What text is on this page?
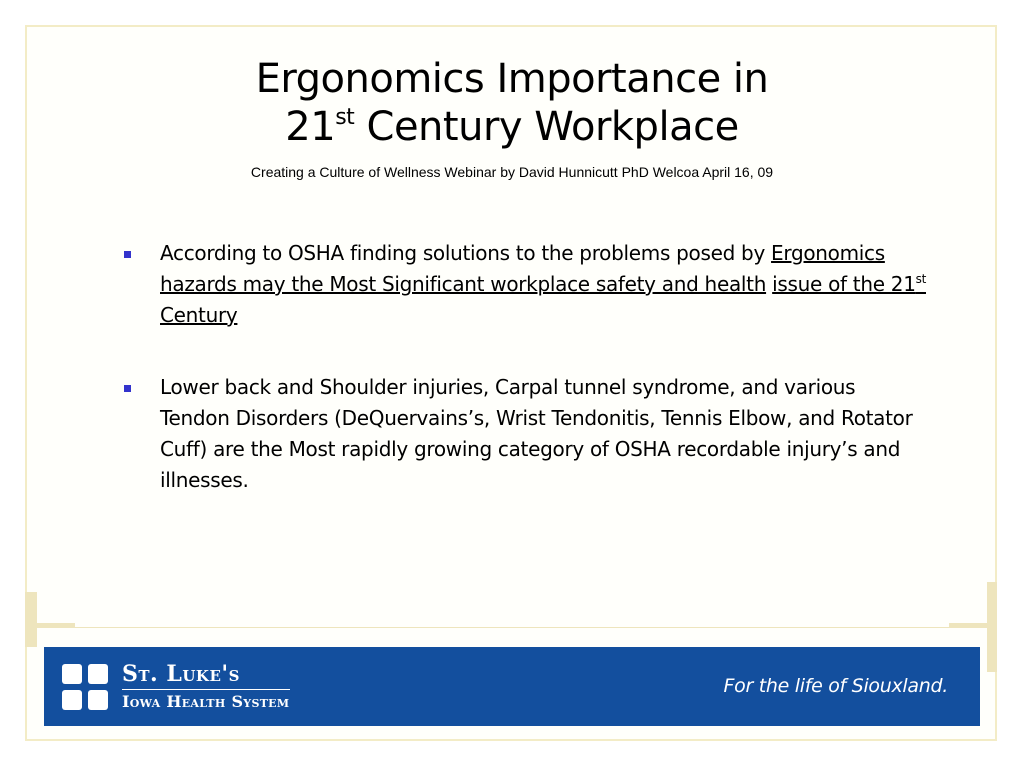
Ergonomics Importance in
21st Century Workplace
Creating a Culture of Wellness Webinar by David Hunnicutt PhD Welcoa April 16, 09
According to OSHA finding solutions to the problems posed by Ergonomics hazards may the Most Significant workplace safety and health issue of the 21st Century
Lower back and Shoulder injuries, Carpal tunnel syndrome, and various Tendon Disorders (DeQuervains’s, Wrist Tendonitis, Tennis Elbow, and Rotator Cuff) are the Most rapidly growing category of OSHA recordable injury’s and illnesses.
St. Luke's
Iowa Health System
For the life of Siouxland.
